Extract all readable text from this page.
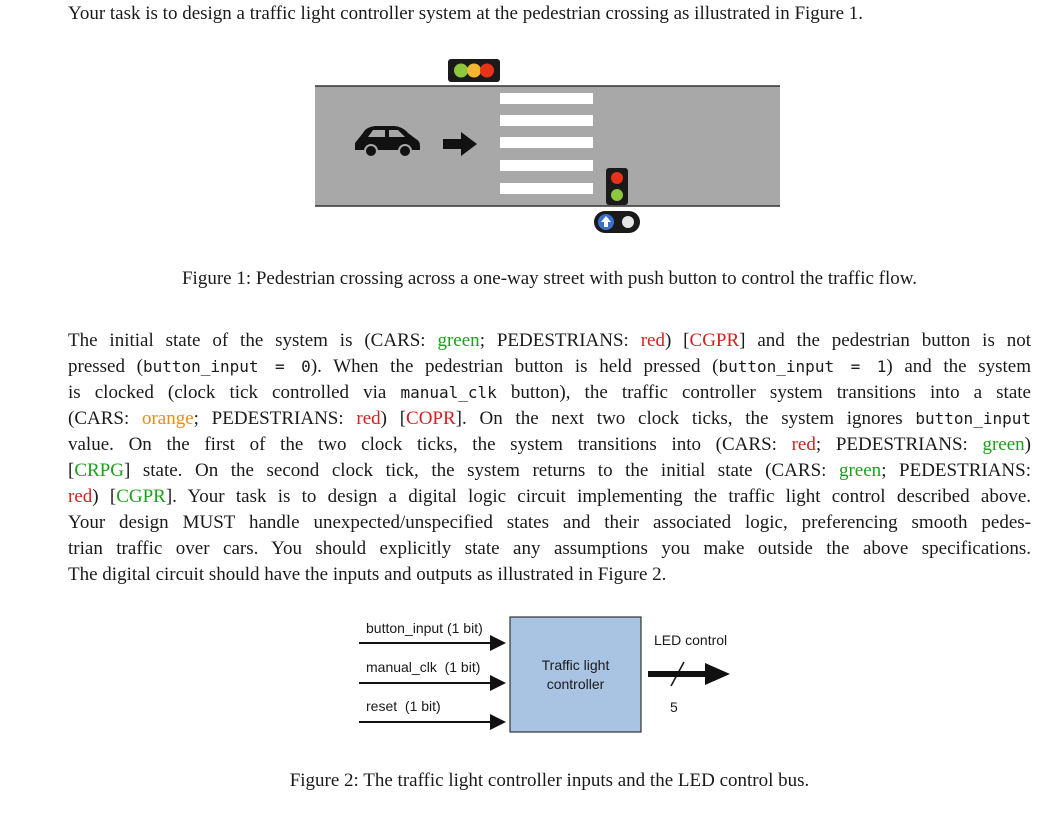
Your task is to design a traffic light controller system at the pedestrian crossing as illustrated in Figure 1.
Figure 1: Pedestrian crossing across a one-way street with push button to control the traffic flow.
The initial state of the system is (CARS: green; PEDESTRIANS: red) [CGPR] and the pedestrian button is not
pressed (button_input = 0). When the pedestrian button is held pressed (button_input = 1) and the system
is clocked (clock tick controlled via manual_clk button), the traffic controller system transitions into a state
(CARS: orange; PEDESTRIANS: red) [COPR]. On the next two clock ticks, the system ignores button_input
value. On the first of the two clock ticks, the system transitions into (CARS: red; PEDESTRIANS: green)
[CRPG] state. On the second clock tick, the system returns to the initial state (CARS: green; PEDESTRIANS:
red) [CGPR]. Your task is to design a digital logic circuit implementing the traffic light control described above.
Your design MUST handle unexpected/unspecified states and their associated logic, preferencing smooth pedes-
trian traffic over cars. You should explicitly state any assumptions you make outside the above specifications.
The digital circuit should have the inputs and outputs as illustrated in Figure 2.
button_input (1 bit)
manual_clk  (1 bit)
reset  (1 bit)
Traffic light
controller
LED control
5
Figure 2: The traffic light controller inputs and the LED control bus.
